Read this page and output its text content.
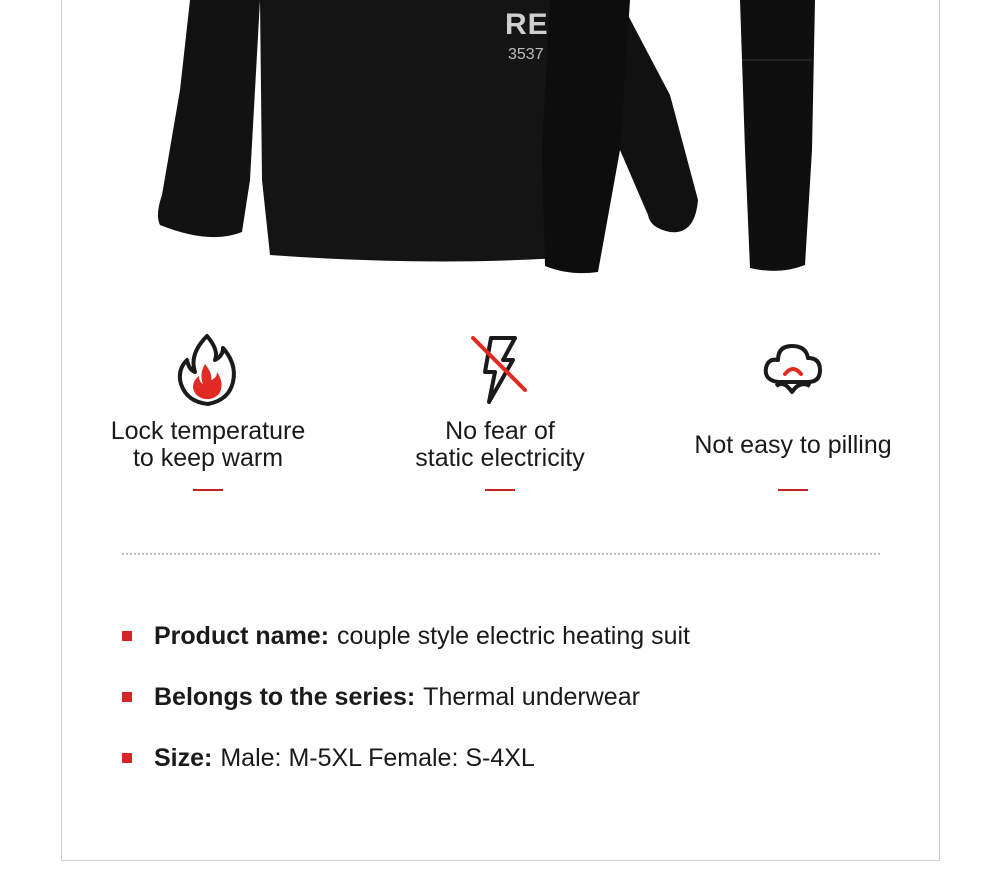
RE
3537
Lock temperature
to keep warm
No fear of
static electricity	Not easy to pilling
Product name: couple style electric heating suit
Belongs to the series: Thermal underwear
Size: Male: M-5XL Female: S-4XL
